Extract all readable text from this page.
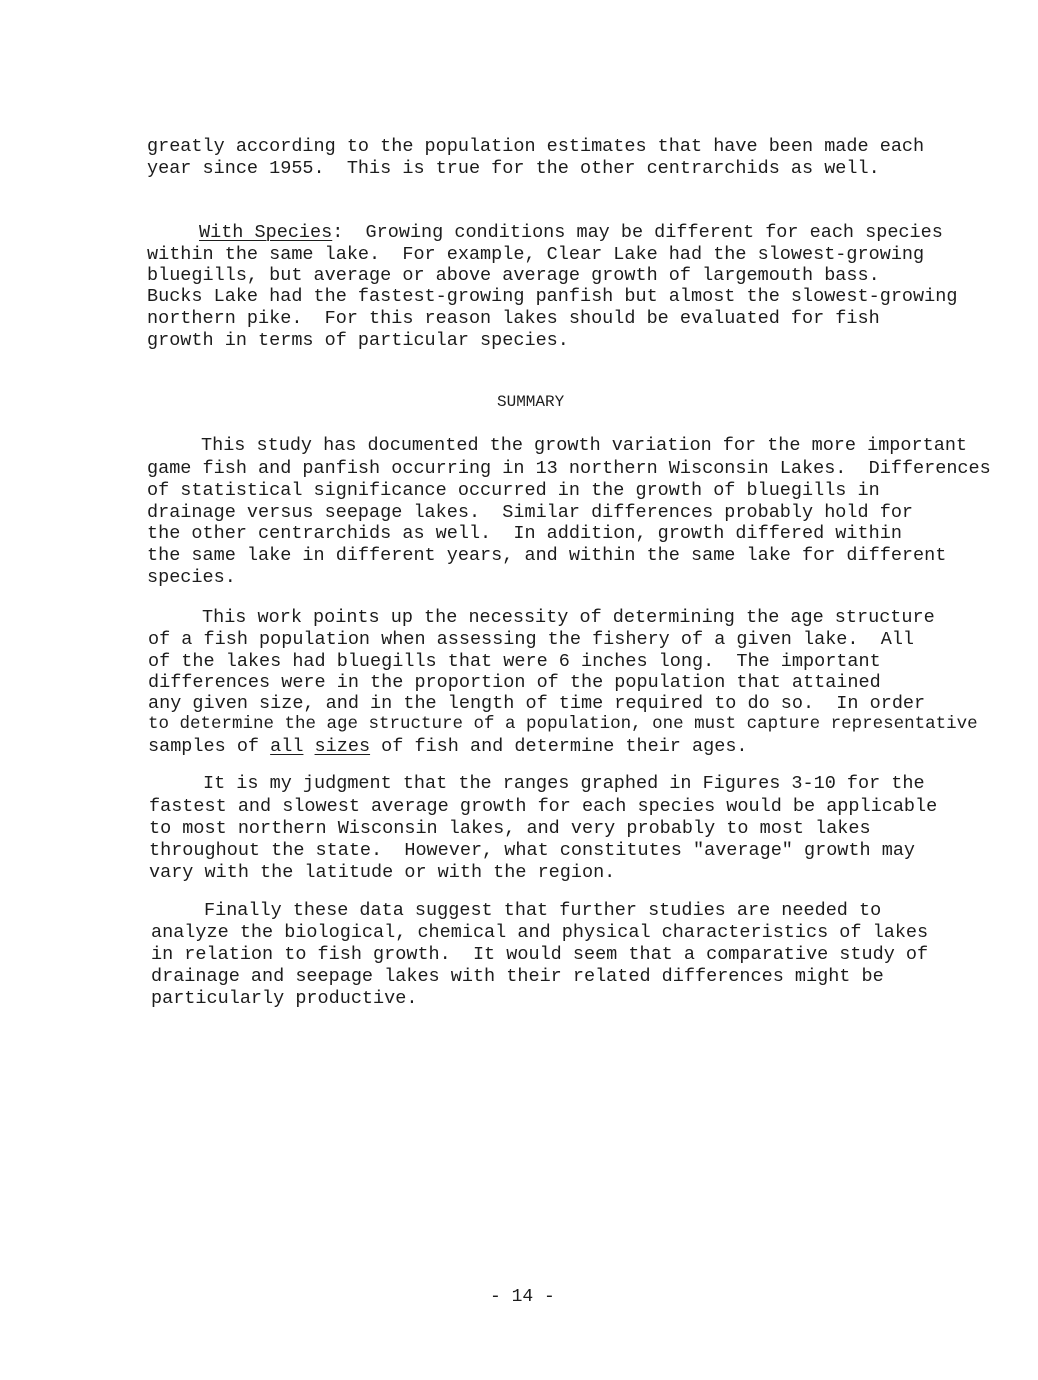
greatly according to the population estimates that have been made each
year since 1955.  This is true for the other centrarchids as well.
With Species:  Growing conditions may be different for each species
within the same lake.  For example, Clear Lake had the slowest-growing
bluegills, but average or above average growth of largemouth bass.
Bucks Lake had the fastest-growing panfish but almost the slowest-growing
northern pike.  For this reason lakes should be evaluated for fish
growth in terms of particular species.
SUMMARY
This study has documented the growth variation for the more important
game fish and panfish occurring in 13 northern Wisconsin Lakes.  Differences
of statistical significance occurred in the growth of bluegills in
drainage versus seepage lakes.  Similar differences probably hold for
the other centrarchids as well.  In addition, growth differed within
the same lake in different years, and within the same lake for different
species.
This work points up the necessity of determining the age structure
of a fish population when assessing the fishery of a given lake.  All
of the lakes had bluegills that were 6 inches long.  The important
differences were in the proportion of the population that attained
any given size, and in the length of time required to do so.  In order
to determine the age structure of a population, one must capture representative
samples of all sizes of fish and determine their ages.
It is my judgment that the ranges graphed in Figures 3-10 for the
fastest and slowest average growth for each species would be applicable
to most northern Wisconsin lakes, and very probably to most lakes
throughout the state.  However, what constitutes "average" growth may
vary with the latitude or with the region.
Finally these data suggest that further studies are needed to
analyze the biological, chemical and physical characteristics of lakes
in relation to fish growth.  It would seem that a comparative study of
drainage and seepage lakes with their related differences might be
particularly productive.
- 14 -
